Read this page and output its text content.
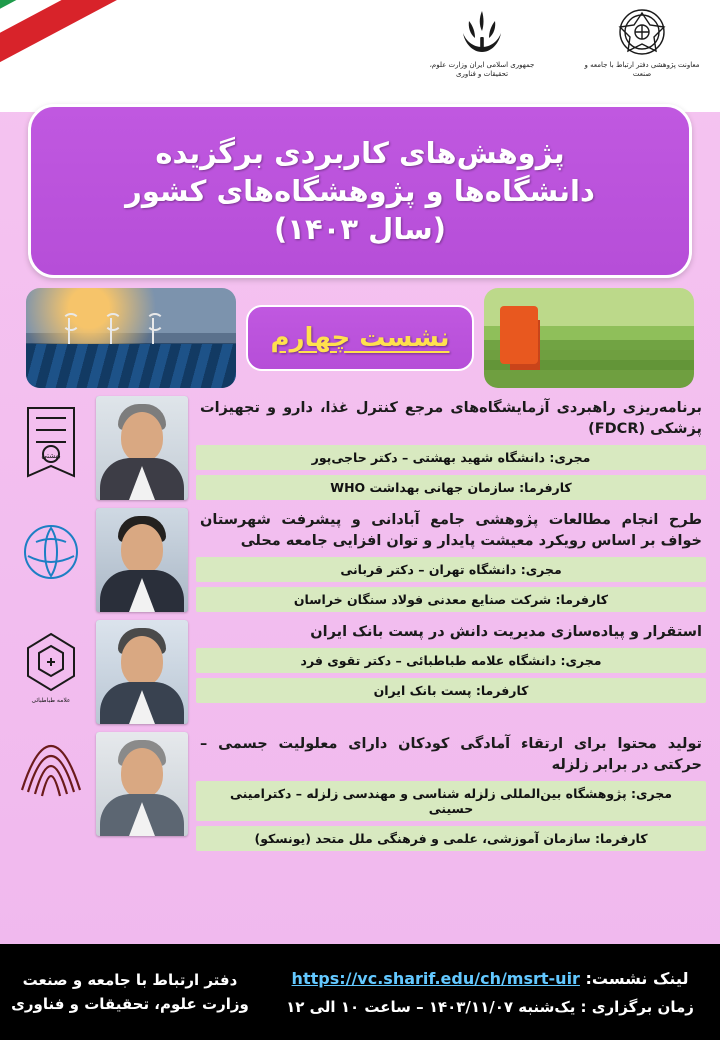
معاونت پژوهشی دفتر ارتباط با جامعه و صنعت
جمهوری اسلامی ایران وزارت علوم، تحقیقات و فناوری
پژوهش‌های کاربردی برگزیده
دانشگاه‌ها و پژوهشگاه‌های کشور
(سال ۱۴۰۳)
نشست چهارم
برنامه‌ریزی راهبردی آزمایشگاه‌های مرجع کنترل غذا، دارو و تجهیزات پزشکی (FDCR)
مجری: دانشگاه شهید بهشتی – دکتر حاجی‌پور
کارفرما: سازمان جهانی بهداشت WHO
بهشتی
طرح انجام مطالعات پژوهشی جامع آبادانی و پیشرفت شهرستان خواف بر اساس رویکرد معیشت پایدار و توان افزایی جامعه محلی
مجری: دانشگاه تهران – دکتر قربانی
کارفرما: شرکت صنایع معدنی فولاد سنگان خراسان
استقرار و پیاده‌سازی مدیریت دانش در پست بانک ایران
مجری: دانشگاه علامه طباطبائی – دکتر تقوی فرد
کارفرما: پست بانک ایران
علامه طباطبائی
تولید محتوا برای ارتقاء آمادگی کودکان دارای معلولیت جسمی – حرکتی در برابر زلزله
مجری: پژوهشگاه بین‌المللی زلزله شناسی و مهندسی زلزله – دکترامینی حسینی
کارفرما: سازمان آموزشی، علمی و فرهنگی ملل متحد (یونسکو)
لینک نشست: https://vc.sharif.edu/ch/msrt-uir
زمان برگزاری : یک‌شنبه ۱۴۰۳/۱۱/۰۷ – ساعت ۱۰ الی ۱۲
دفتر ارتباط با جامعه و صنعت
وزارت علوم، تحقیقات و فناوری
